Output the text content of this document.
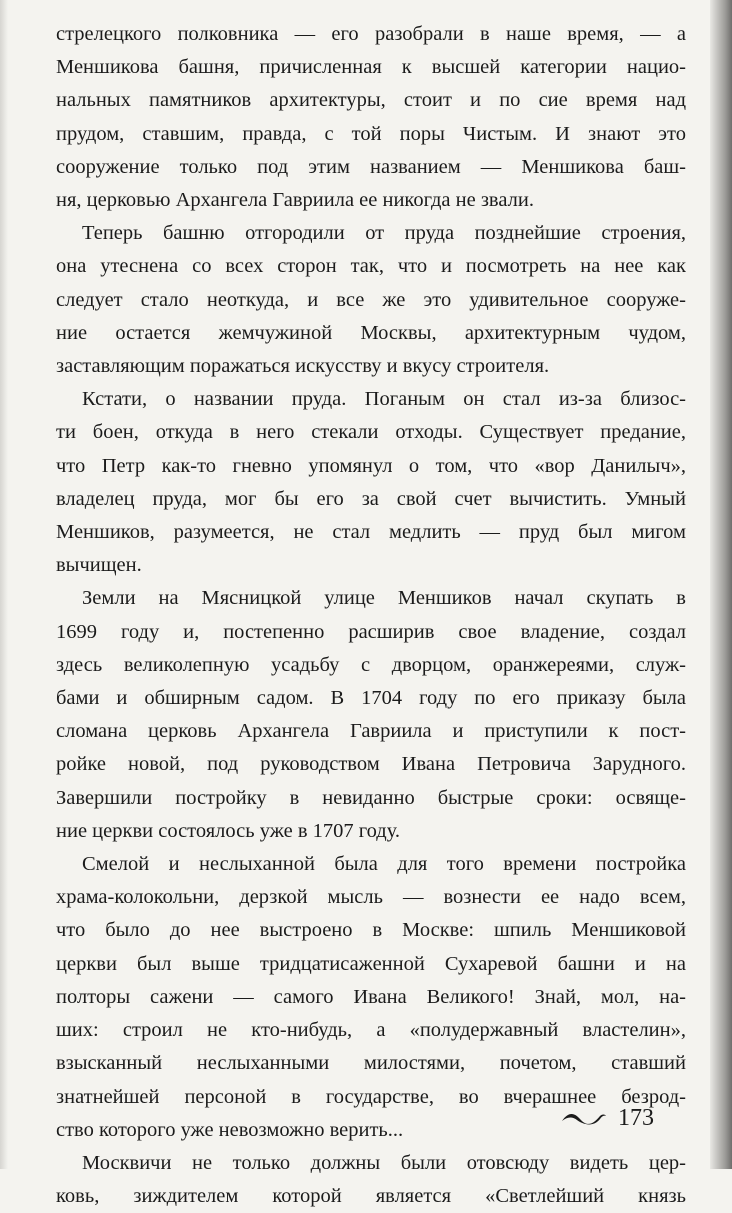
стрелецкого полковника — его разобрали в наше время, — а
Меншикова башня, причисленная к высшей категории нацио-
нальных памятников архитектуры, стоит и по сие время над
прудом, ставшим, правда, с той поры Чистым. И знают это
сооружение только под этим названием — Меншикова баш-
ня, церковью Архангела Гавриила ее никогда не звали.
Теперь башню отгородили от пруда позднейшие строения,
она утеснена со всех сторон так, что и посмотреть на нее как
следует стало неоткуда, и все же это удивительное сооруже-
ние остается жемчужиной Москвы, архитектурным чудом,
заставляющим поражаться искусству и вкусу строителя.
Кстати, о названии пруда. Поганым он стал из-за близос-
ти боен, откуда в него стекали отходы. Существует предание,
что Петр как-то гневно упомянул о том, что «вор Данилыч»,
владелец пруда, мог бы его за свой счет вычистить. Умный
Меншиков, разумеется, не стал медлить — пруд был мигом
вычищен.
Земли на Мясницкой улице Меншиков начал скупать в
1699 году и, постепенно расширив свое владение, создал
здесь великолепную усадьбу с дворцом, оранжереями, служ-
бами и обширным садом. В 1704 году по его приказу была
сломана церковь Архангела Гавриила и приступили к пост-
ройке новой, под руководством Ивана Петровича Зарудного.
Завершили постройку в невиданно быстрые сроки: освяще-
ние церкви состоялось уже в 1707 году.
Смелой и неслыханной была для того времени постройка
храма-колокольни, дерзкой мысль — вознести ее надо всем,
что было до нее выстроено в Москве: шпиль Меншиковой
церкви был выше тридцатисаженной Сухаревой башни и на
полторы сажени — самого Ивана Великого! Знай, мол, на-
ших: строил не кто-нибудь, а «полудержавный властелин»,
взысканный неслыханными милостями, почетом, ставший
знатнейшей персоной в государстве, во вчерашнее безрод-
ство которого уже невозможно верить...
Москвичи не только должны были отовсюду видеть цер-
ковь, зиждителем которой является «Светлейший князь
173
